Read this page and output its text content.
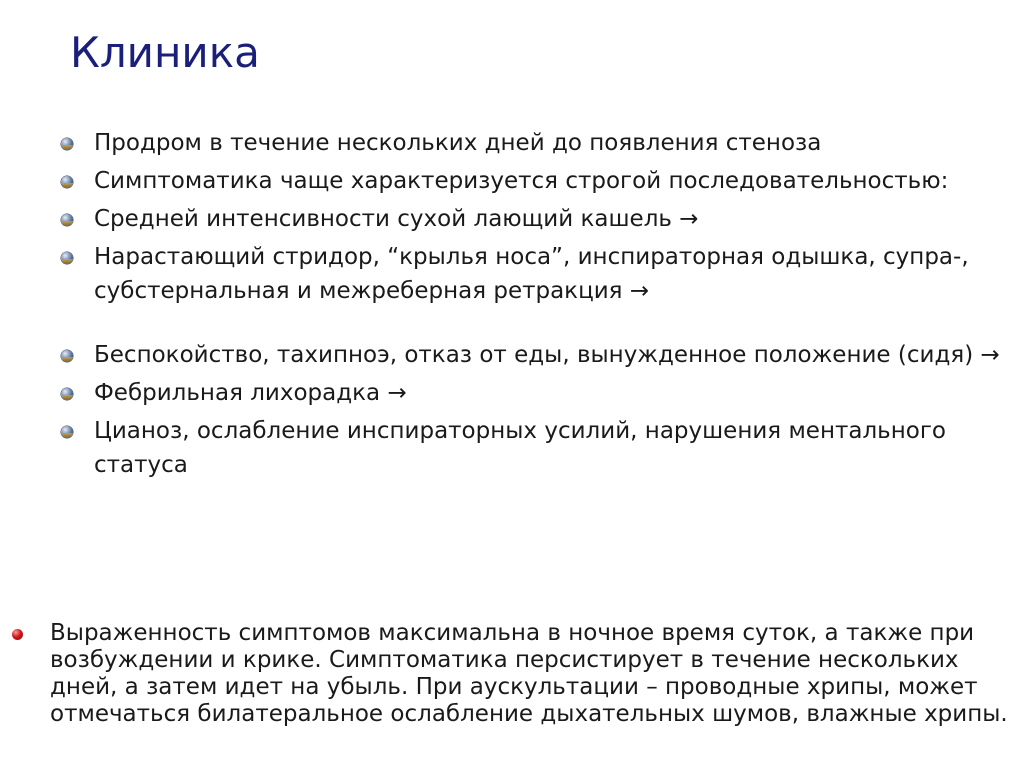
Клиника
Продром в течение нескольких дней до появления стеноза
Симптоматика чаще характеризуется строгой последовательностью:
Средней интенсивности сухой лающий кашель →
Нарастающий стридор, “крылья носа”, инспираторная одышка, супра-, субстернальная и межреберная ретракция →
Беспокойство, тахипноэ, отказ от еды, вынужденное положение (сидя) →
Фебрильная лихорадка →
Цианоз, ослабление инспираторных усилий, нарушения ментального статуса
Выраженность симптомов максимальна в ночное время суток, а также при возбуждении и крике. Симптоматика персистирует в течение нескольких дней, а затем идет на убыль. При аускультации – проводные хрипы, может отмечаться билатеральное ослабление дыхательных шумов, влажные хрипы.
